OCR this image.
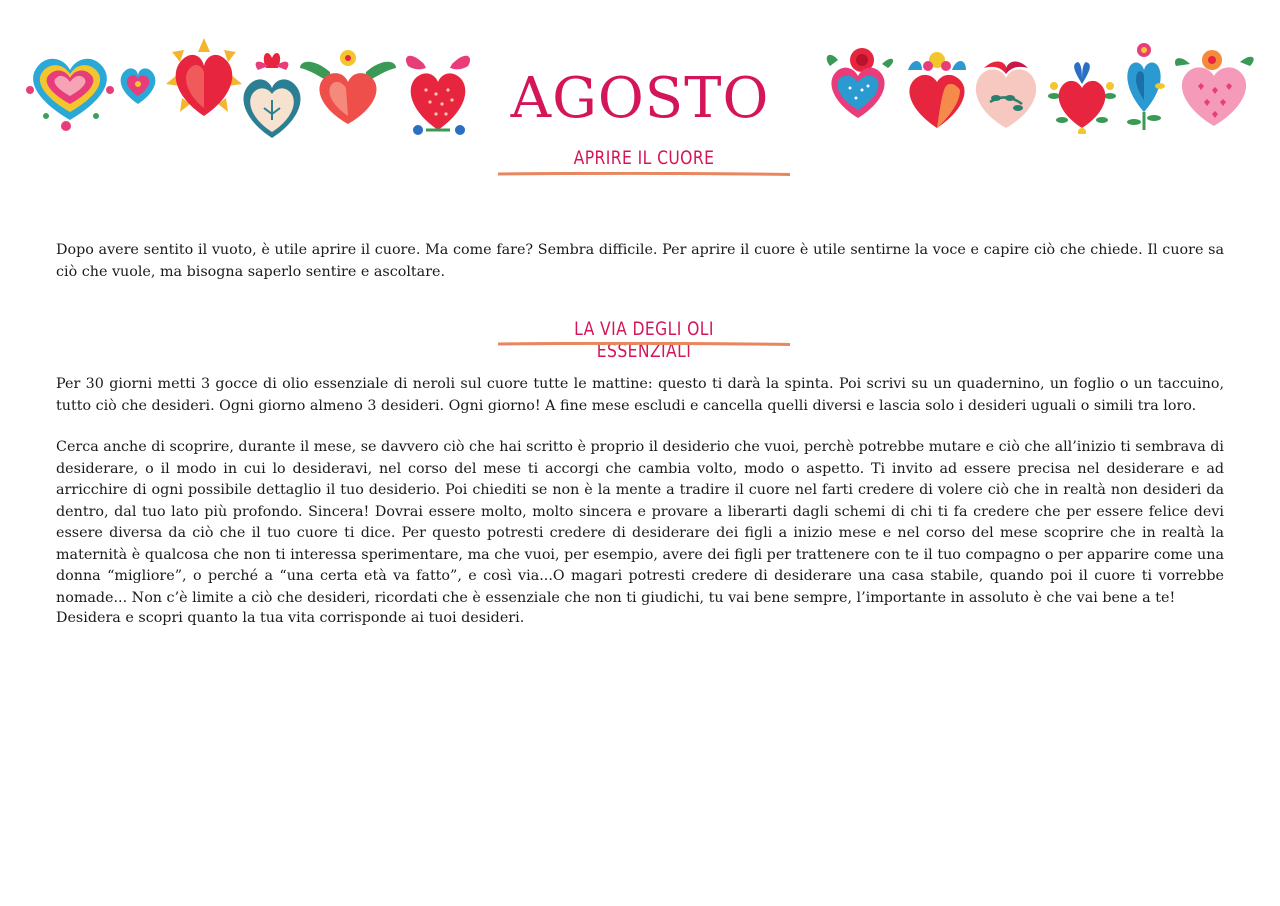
AGOSTO
APRIRE IL CUORE

Dopo avere sentito il vuoto, è utile aprire il cuore. Ma come fare? Sembra difficile. Per aprire il cuore è utile sentirne la voce e capire ciò che chiede. Il cuore sa ciò che vuole, ma bisogna saperlo sentire e ascoltare.

LA VIA DEGLI OLI ESSENZIALI

Per 30 giorni metti 3 gocce di olio essenziale di neroli sul cuore tutte le mattine: questo ti darà la spinta. Poi scrivi su un quadernino, un foglio o un taccuino, tutto ciò che desideri. Ogni giorno almeno 3 desideri. Ogni giorno! A fine mese escludi e cancella quelli diversi e lascia solo i desideri uguali o simili tra loro.

Cerca anche di scoprire, durante il mese, se davvero ciò che hai scritto è proprio il desiderio che vuoi, perchè potrebbe mutare e ciò che all’inizio ti sembrava di desiderare, o il modo in cui lo desideravi, nel corso del mese ti accorgi che cambia volto, modo o aspetto. Ti invito ad essere precisa nel desiderare e ad arricchire di ogni possibile dettaglio il tuo desiderio. Poi chiediti se non è la mente a tradire il cuore nel farti credere di volere ciò che in realtà non desideri da dentro, dal tuo lato più profondo. Sincera! Dovrai essere molto, molto sincera e provare a liberarti dagli schemi di chi ti fa credere che per essere felice devi essere diversa da ciò che il tuo cuore ti dice. Per questo potresti credere di desiderare dei figli a inizio mese e nel corso del mese scoprire che in realtà la maternità è qualcosa che non ti interessa sperimentare, ma che vuoi, per esempio, avere dei figli per trattenere con te il tuo compagno o per apparire come una donna “migliore”, o perché a “una certa età va fatto”, e così via...O magari potresti credere di desiderare una casa stabile, quando poi il cuore ti vorrebbe nomade... Non c’è limite a ciò che desideri, ricordati che è essenziale che non ti giudichi, tu vai bene sempre, l’importante in assoluto è che vai bene a te!

Desidera e scopri quanto la tua vita corrisponde ai tuoi desideri.
